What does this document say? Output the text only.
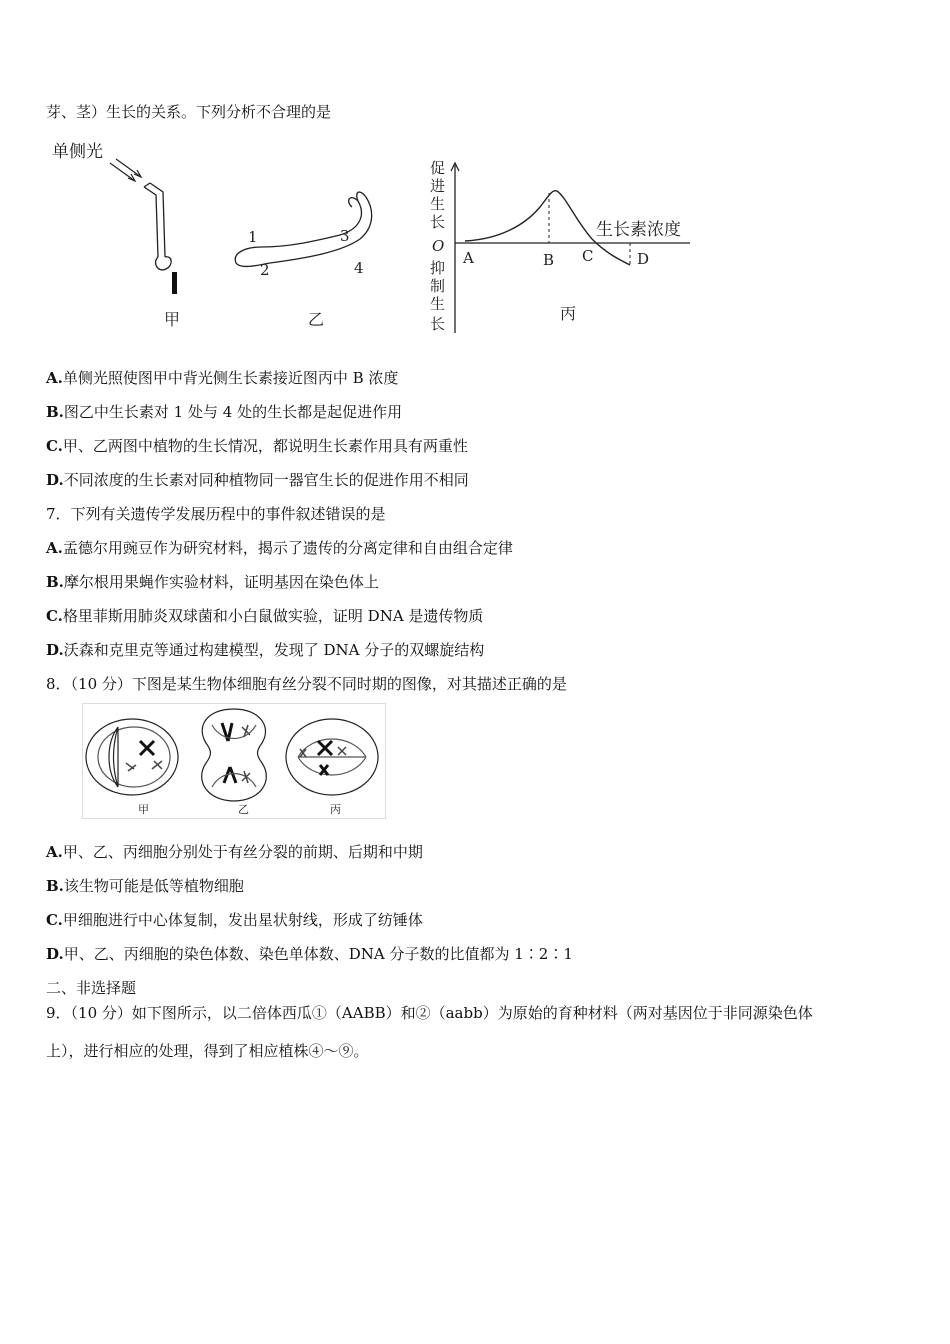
芽、茎）生长的关系。下列分析不合理的是
单侧光
甲
1
2
3
4
乙
促
进
生
长
O
抑
制
生
长
生长素浓度
A	B C	D
丙
A.单侧光照使图甲中背光侧生长素接近图丙中 B 浓度
B.图乙中生长素对 1 处与 4 处的生长都是起促进作用
C.甲、乙两图中植物的生长情况，都说明生长素作用具有两重性
D.不同浓度的生长素对同种植物同一器官生长的促进作用不相同
7．下列有关遗传学发展历程中的事件叙述错误的是
A.孟德尔用豌豆作为研究材料，揭示了遗传的分离定律和自由组合定律
B.摩尔根用果蝇作实验材料，证明基因在染色体上
C.格里菲斯用肺炎双球菌和小白鼠做实验，证明 DNA 是遗传物质
D.沃森和克里克等通过构建模型，发现了 DNA 分子的双螺旋结构
8．（10 分）下图是某生物体细胞有丝分裂不同时期的图像，对其描述正确的是
甲	乙	丙
A.甲、乙、丙细胞分别处于有丝分裂的前期、后期和中期
B.该生物可能是低等植物细胞
C.甲细胞进行中心体复制，发出星状射线，形成了纺锤体
D.甲、乙、丙细胞的染色体数、染色单体数、DNA 分子数的比值都为 1∶2∶1
二、非选择题
9．（10 分）如下图所示，以二倍体西瓜①（AABB）和②（aabb）为原始的育种材料（两对基因位于非同源染色体
上），进行相应的处理，得到了相应植株④～⑨。
